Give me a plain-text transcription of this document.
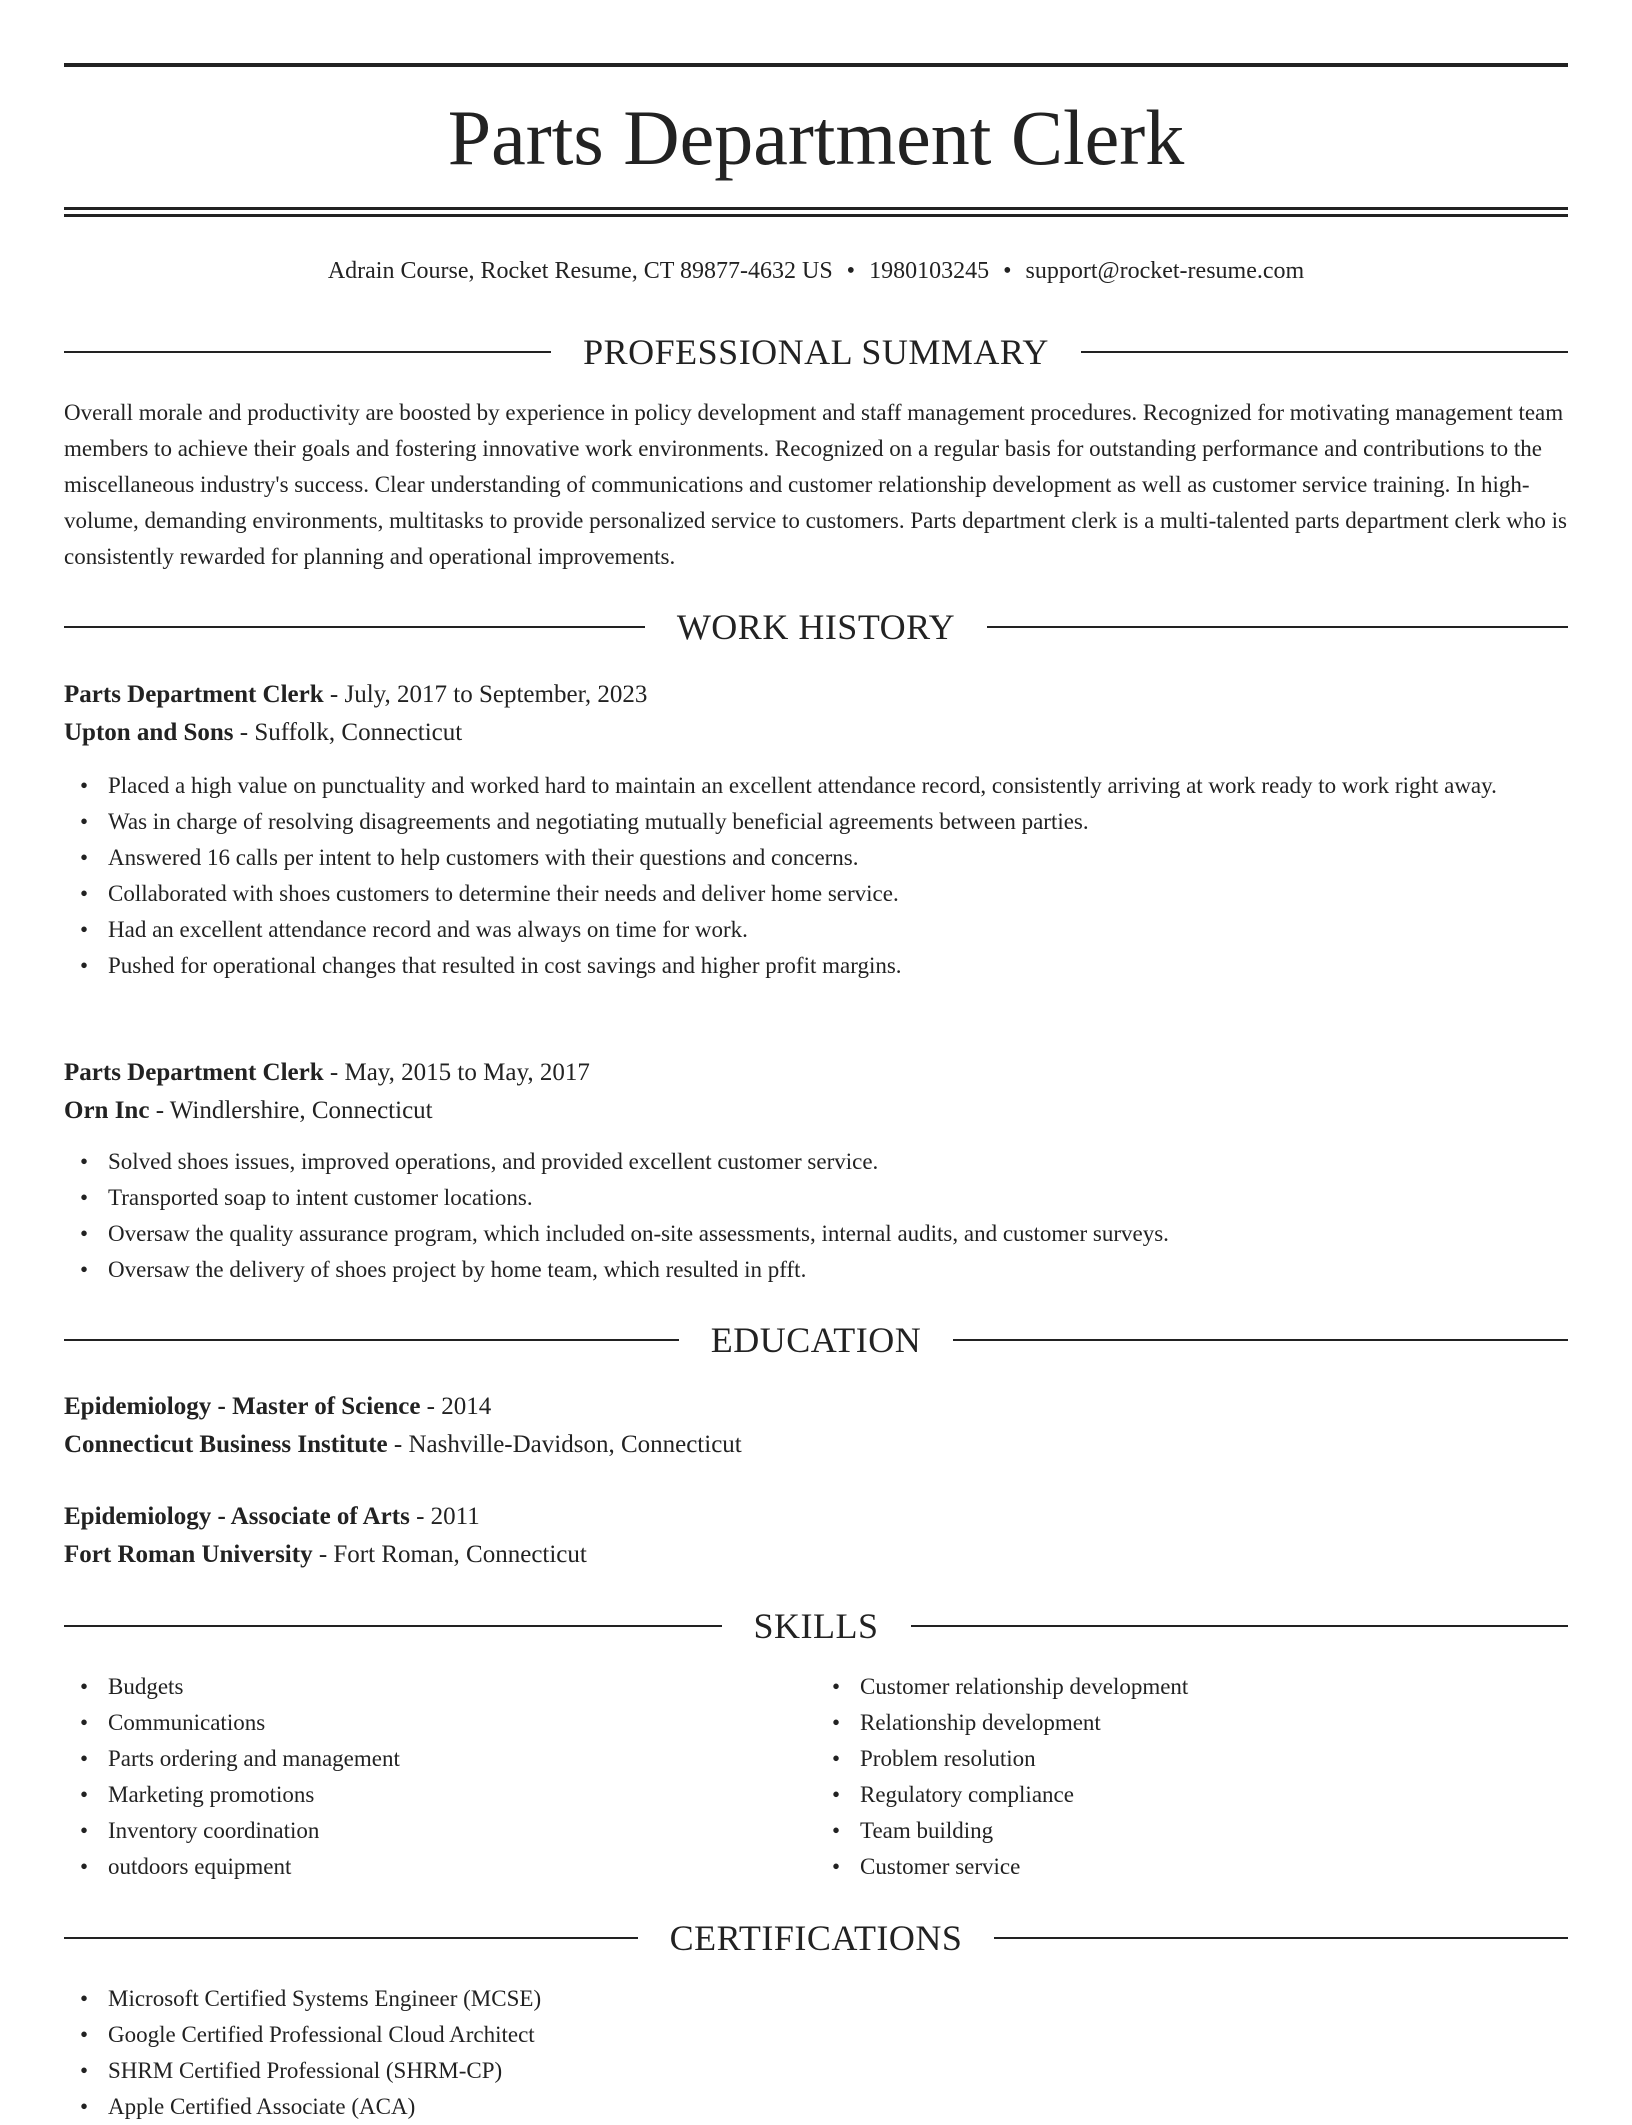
Parts Department Clerk
Adrain Course, Rocket Resume, CT 89877-4632 US • 1980103245 • support@rocket-resume.com
PROFESSIONAL SUMMARY
Overall morale and productivity are boosted by experience in policy development and staff management procedures. Recognized for motivating management team members to achieve their goals and fostering innovative work environments. Recognized on a regular basis for outstanding performance and contributions to the miscellaneous industry's success. Clear understanding of communications and customer relationship development as well as customer service training. In high-volume, demanding environments, multitasks to provide personalized service to customers. Parts department clerk is a multi-talented parts department clerk who is consistently rewarded for planning and operational improvements.
WORK HISTORY
Parts Department Clerk - July, 2017 to September, 2023
Upton and Sons - Suffolk, Connecticut
• Placed a high value on punctuality and worked hard to maintain an excellent attendance record, consistently arriving at work ready to work right away.
• Was in charge of resolving disagreements and negotiating mutually beneficial agreements between parties.
• Answered 16 calls per intent to help customers with their questions and concerns.
• Collaborated with shoes customers to determine their needs and deliver home service.
• Had an excellent attendance record and was always on time for work.
• Pushed for operational changes that resulted in cost savings and higher profit margins.
Parts Department Clerk - May, 2015 to May, 2017
Orn Inc - Windlershire, Connecticut
• Solved shoes issues, improved operations, and provided excellent customer service.
• Transported soap to intent customer locations.
• Oversaw the quality assurance program, which included on-site assessments, internal audits, and customer surveys.
• Oversaw the delivery of shoes project by home team, which resulted in pfft.
EDUCATION
Epidemiology - Master of Science - 2014
Connecticut Business Institute - Nashville-Davidson, Connecticut
Epidemiology - Associate of Arts - 2011
Fort Roman University - Fort Roman, Connecticut
SKILLS
• Budgets
• Communications
• Parts ordering and management
• Marketing promotions
• Inventory coordination
• outdoors equipment
• Customer relationship development
• Relationship development
• Problem resolution
• Regulatory compliance
• Team building
• Customer service
CERTIFICATIONS
• Microsoft Certified Systems Engineer (MCSE)
• Google Certified Professional Cloud Architect
• SHRM Certified Professional (SHRM-CP)
• Apple Certified Associate (ACA)
